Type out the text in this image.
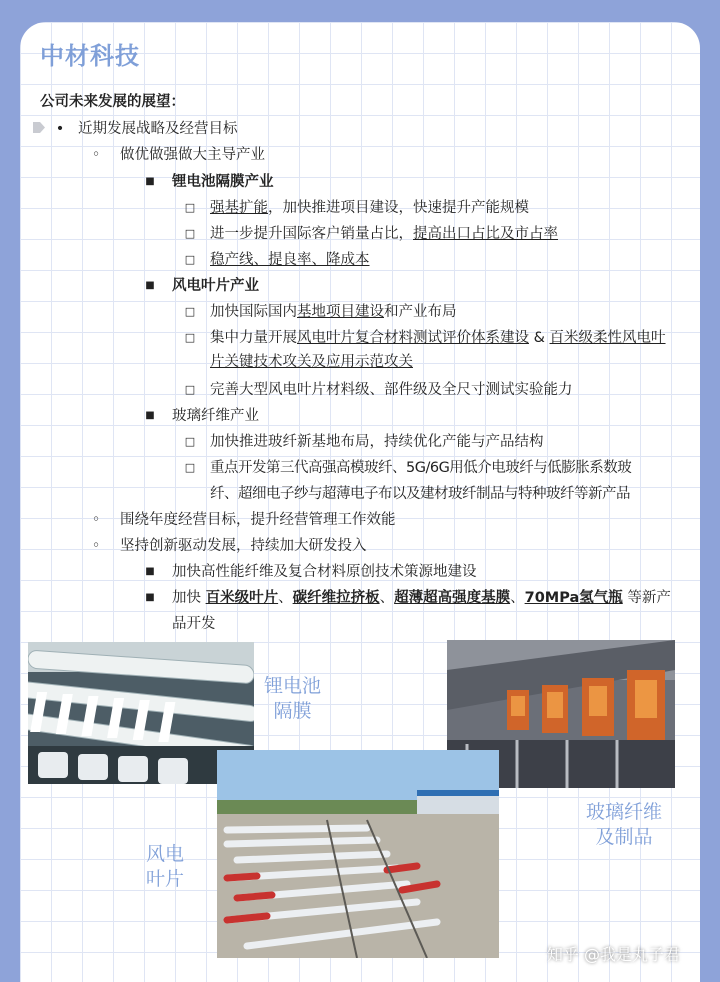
中材科技
公司未来发展的展望：
• 近期发展战略及经营目标
◦	做优做强做大主导产业
■	锂电池隔膜产业
□	强基扩能，加快推进项目建设，快速提升产能规模
□	进一步提升国际客户销量占比，提高出口占比及市占率
□	稳产线、提良率、降成本
■	风电叶片产业
□	加快国际国内基地项目建设和产业布局
□	集中力量开展风电叶片复合材料测试评价体系建设 & 百米级柔性风电叶
片关键技术攻关及应用示范攻关
□	完善大型风电叶片材料级、部件级及全尺寸测试实验能力
■	玻璃纤维产业
□	加快推进玻纤新基地布局，持续优化产能与产品结构
□	重点开发第三代高强高模玻纤、5G/6G用低介电玻纤与低膨胀系数玻
纤、超细电子纱与超薄电子布以及建材玻纤制品与特种玻纤等新产品
◦	围绕年度经营目标，提升经营管理工作效能
◦	坚持创新驱动发展，持续加大研发投入
■	加快高性能纤维及复合材料原创技术策源地建设
■	加快 百米级叶片、碳纤维拉挤板、超薄超高强度基膜、70MPa氢气瓶 等新产
品开发
锂电池
隔膜
玻璃纤维
及制品
风电
叶片
知乎 @我是丸子君
